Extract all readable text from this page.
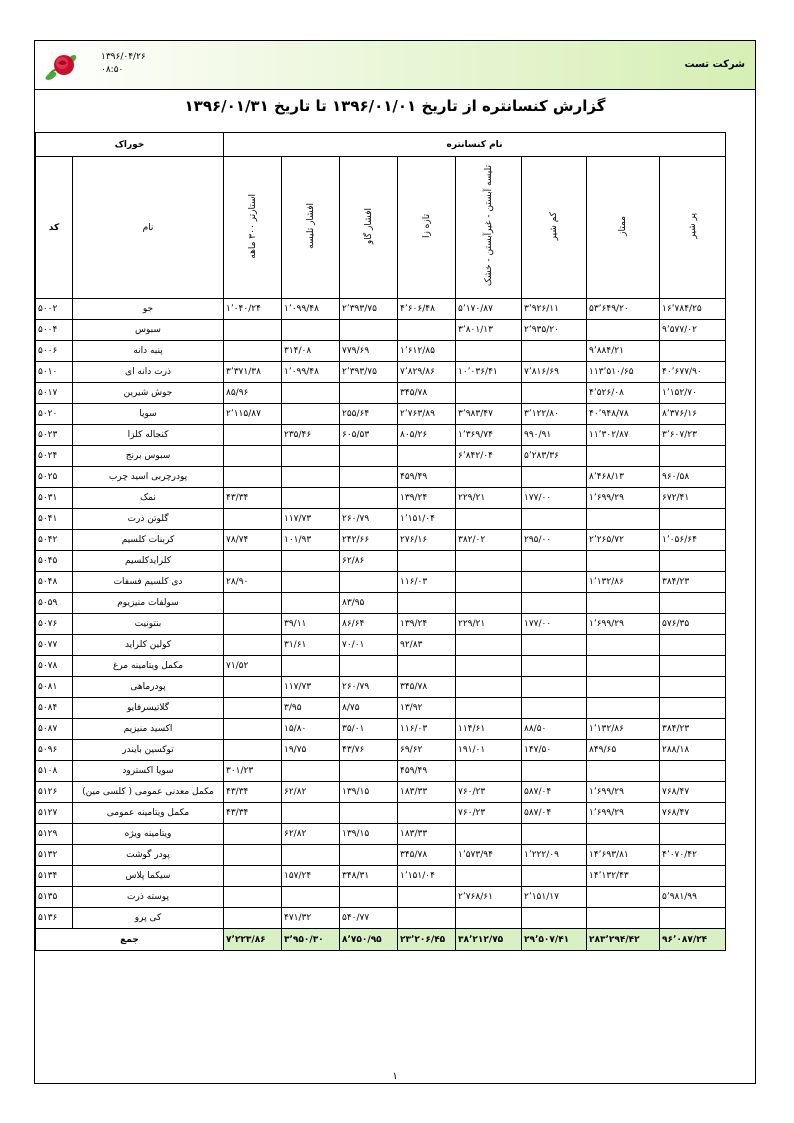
۱۳۹۶/۰۴/۲۶
۰۸:۵۰	شرکت تست
گزارش کنسانتره از تاریخ ۱۳۹۶/۰۱/۰۱ تا تاریخ ۱۳۹۶/۰۱/۳۱
خوراک		نام کنسانتره							
کد	نام	استارتر ۳۰۰ ماهه	افشار تلیسه	افشار گاو	تازه زا	تلیسه آبستن - غیرآبستن - خشک	کم شیر	ممتاز	پر شیر
۵۰۰۲	جو	۱٬۰۴۰/۲۴	۱٬۰۹۹/۴۸	۲٬۳۹۳/۷۵	۴٬۶۰۶/۴۸	۵٬۱۷۰/۸۷	۳٬۹۲۶/۱۱	۵۳٬۶۴۹/۲۰	۱۶٬۷۸۴/۲۵
۵۰۰۴	سبوس					۳٬۸۰۱/۱۳	۲٬۹۳۵/۲۰		۹٬۵۷۷/۰۲
۵۰۰۶	پنبه دانه		۳۱۴/۰۸	۷۷۹/۶۹	۱٬۶۱۲/۸۵			۹٬۸۸۴/۲۱	
۵۰۱۰	ذرت دانه ای	۳٬۳۷۱/۳۸	۱٬۰۹۹/۴۸	۲٬۳۹۳/۷۵	۷٬۸۲۹/۸۶	۱۰٬۰۳۶/۴۱	۷٬۸۱۶/۶۹	۱۱۳٬۵۱۰/۶۵	۴۰٬۶۷۷/۹۰
۵۰۱۷	جوش شیرین	۸۵/۹۶			۳۴۵/۷۸			۴٬۵۲۶/۰۸	۱٬۱۵۲/۷۰
۵۰۲۰	سویا	۲٬۱۱۵/۸۷		۲۵۵/۶۴	۲٬۷۶۳/۸۹	۳٬۹۸۳/۴۷	۳٬۱۲۲/۸۰	۴۰٬۹۴۸/۷۸	۸٬۳۷۶/۱۶
۵۰۲۳	کنجاله کلزا		۲۳۵/۴۶	۶۰۵/۵۳	۸۰۵/۲۶	۱٬۳۶۹/۷۴	۹۹۰/۹۱	۱۱٬۳۰۲/۸۷	۳٬۶۰۷/۲۳
۵۰۲۴	سبوس برنج					۶٬۸۴۲/۰۴	۵٬۲۸۳/۳۶		
۵۰۲۵	پودرچربی اسید چرب				۴۵۹/۴۹			۸٬۴۶۸/۱۳	۹۶۰/۵۸
۵۰۳۱	نمک	۴۳/۳۴			۱۳۹/۲۴	۲۲۹/۲۱	۱۷۷/۰۰	۱٬۶۹۹/۲۹	۶۷۲/۴۱
۵۰۴۱	گلوتن ذرت		۱۱۷/۷۳	۲۶۰/۷۹	۱٬۱۵۱/۰۴				
۵۰۴۲	کربنات کلسیم	۷۸/۷۴	۱۰۱/۹۳	۲۴۲/۶۶	۲۷۶/۱۶	۳۸۲/۰۲	۲۹۵/۰۰	۲٬۲۶۵/۷۲	۱٬۰۵۶/۶۴
۵۰۴۵	کلرایدکلسیم			۶۲/۸۶					
۵۰۴۸	دی کلسیم فسفات	۲۸/۹۰			۱۱۶/۰۳			۱٬۱۳۲/۸۶	۳۸۴/۲۳
۵۰۵۹	سولفات منیزیوم			۸۳/۹۵					
۵۰۷۶	بنتونیت		۳۹/۱۱	۸۶/۶۴	۱۳۹/۲۴	۲۲۹/۲۱	۱۷۷/۰۰	۱٬۶۹۹/۲۹	۵۷۶/۳۵
۵۰۷۷	کولین کلراید		۳۱/۶۱	۷۰/۰۱	۹۲/۸۳				
۵۰۷۸	مکمل ویتامینه مرغ	۷۱/۵۲							
۵۰۸۱	پودرماهی		۱۱۷/۷۳	۲۶۰/۷۹	۳۴۵/۷۸				
۵۰۸۴	گلاتیسرفایو		۳/۹۵	۸/۷۵	۱۳/۹۲				
۵۰۸۷	اکسید منیزیم		۱۵/۸۰	۳۵/۰۱	۱۱۶/۰۳	۱۱۴/۶۱	۸۸/۵۰	۱٬۱۳۲/۸۶	۳۸۴/۲۳
۵۰۹۶	توکسین بایندر		۱۹/۷۵	۴۳/۷۶	۶۹/۶۲	۱۹۱/۰۱	۱۴۷/۵۰	۸۴۹/۶۵	۲۸۸/۱۸
۵۱۰۸	سویا اکسترود	۳۰۱/۲۳			۴۵۹/۴۹				
۵۱۲۶	مکمل معدنی عمومی ( کلسی مین)	۴۳/۳۴	۶۲/۸۲	۱۳۹/۱۵	۱۸۳/۳۳	۷۶۰/۲۳	۵۸۷/۰۴	۱٬۶۹۹/۲۹	۷۶۸/۴۷
۵۱۲۷	مکمل ویتامینه عمومی	۴۳/۳۴				۷۶۰/۲۳	۵۸۷/۰۴	۱٬۶۹۹/۲۹	۷۶۸/۴۷
۵۱۲۹	ویتامینه ویژه		۶۲/۸۲	۱۳۹/۱۵	۱۸۳/۳۳				
۵۱۳۲	پودر گوشت				۳۴۵/۷۸	۱٬۵۷۳/۹۴	۱٬۲۲۲/۰۹	۱۴٬۶۹۳/۸۱	۴٬۰۷۰/۴۲
۵۱۳۴	سیکما پلاس		۱۵۷/۲۴	۳۴۸/۳۱	۱٬۱۵۱/۰۴			۱۴٬۱۳۲/۴۳	
۵۱۳۵	پوسته ذرت					۲٬۷۶۸/۶۱	۲٬۱۵۱/۱۷		۵٬۹۸۱/۹۹
۵۱۳۶	کی پرو		۴۷۱/۳۲	۵۴۰/۷۷					
جمع		۷٬۲۲۳/۸۶	۳٬۹۵۰/۳۰	۸٬۷۵۰/۹۵	۲۳٬۲۰۶/۴۵	۳۸٬۲۱۲/۷۵	۲۹٬۵۰۷/۴۱	۲۸۳٬۲۹۴/۴۲	۹۶٬۰۸۷/۲۴
۱
